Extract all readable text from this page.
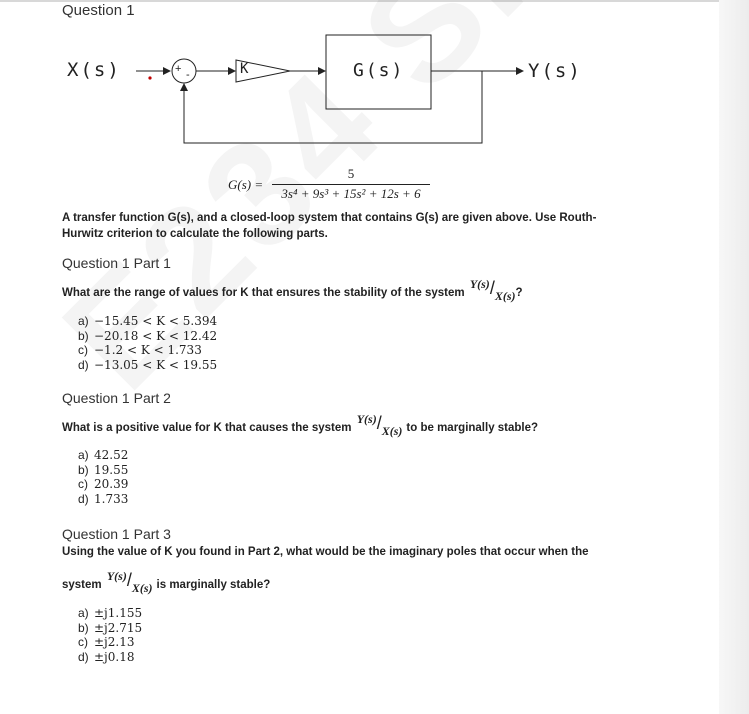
Question 1
X(s)	+ -	K	G(s)	Y(s)
G(s) =
5
3s⁴ + 9s³ + 15s² + 12s + 6
A transfer function G(s), and a closed-loop system that contains G(s) are given above. Use Routh-
Hurwitz criterion to calculate the following parts.
Question 1 Part 1
What are the range of values for K that ensures the stability of the system Y(s)/X(s)?
a) −15.45 < K < 5.394
b) −20.18 < K < 12.42
c) −1.2 < K < 1.733
d) −13.05 < K < 19.55
Question 1 Part 2
What is a positive value for K that causes the system Y(s)/X(s) to be marginally stable?
a) 42.52
b) 19.55
c) 20.39
d) 1.733
Question 1 Part 3
Using the value of K you found in Part 2, what would be the imaginary poles that occur when the
system Y(s)/X(s) is marginally stable?
a) ±j1.155
b) ±j2.715
c) ±j2.13
d) ±j0.18
